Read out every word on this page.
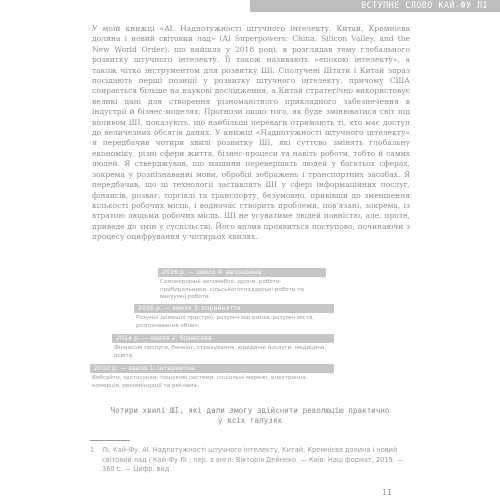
ВСТУПНЕ СЛОВО КАЙ-ФУ ЛІ

У моїй книжці «AI. Надпотужності штучного інтелекту. Китай, Кремнієва долина і новий світовий лад» (AI Superpowers: China, Silicon Valley, and the New World Order), що вийшла у 2018 році, я розглядав тему глобального розвитку штучного інтелекту. Її також називають «епохою інтелекту», а також чітко інструментом для розвитку ШІ. Сполучені Штати і Китай зараз посідають перші позиції у розвитку штучного інтелекту, причому США спирається більше на наукові дослідження, а Китай стратегічно використовує великі дані для створення різноманітного прикладного забезпечення в індустрії й бізнес-моделях. Прогнози щодо того, як буде змінюватися світ під впливом ШІ, показують, що найбільші переваги отримають ті, хто має доступ до величезних обсягів даних. У книжці «Надпотужності штучного інтелекту» я передбачив чотири хвилі розвитку ШІ, які суттєво змінять глобальну економіку, різні сфери життя, бізнес-процеси та навіть роботи, тобто й самих людей. Я стверджував, що машини перевершать людей у багатьох сферах, зокрема у розпізнаванні мови, обробці зображень і транспортних засобах. Я передбачав, що ці технології заставлять ШІ у сфері інформаційних послуг, фінансів, розваг, торгівлі та транспорту, безумовно, привівши до зменшення кількості робочих місць, і водночас створить проблеми, пов'язані, зокрема, із втратою людьми робочих місць. ШІ не усуватиме людей повністю, але, проте, приведе до змін у суспільстві. Його вплив проявиться поступово, починаючи з процесу оцифрування у чотирьох хвилях.

2016 р. — хвиля 4: автономна
Самокеровані автомобілі, дрони, роботи-прибиральники, сільськогосподарські роботи та вакуумні роботи.
2016 р. — хвиля 3: сприйняття
Розумні домашні пристрої, розумні магазини, розумні міста, розпізнавання облич.
2014 р. — хвиля 2: бізнесова
Фінансові послуги, банкінг, страхування, юридичні послуги, медицина, освіта.
2010 р. — хвиля 1: інтернетна
Вебсайти, застосунки, пошукові системи, соціальні мережі, електронна комерція, рекомендації та реклама.
Чотири хвилі ШІ, які дали змогу здійснити революцію практично у всіх галузях
1 Лі, Кай-Фу. AI. Надпотужності штучного інтелекту. Китай, Кремнієва долина і новий світовий лад / Кай-Фу Лі ; пер. з англ. Вікторія Дейнеко. — Київ: Наш формат, 2019. — 360 с. — Цифр. вид.
11
